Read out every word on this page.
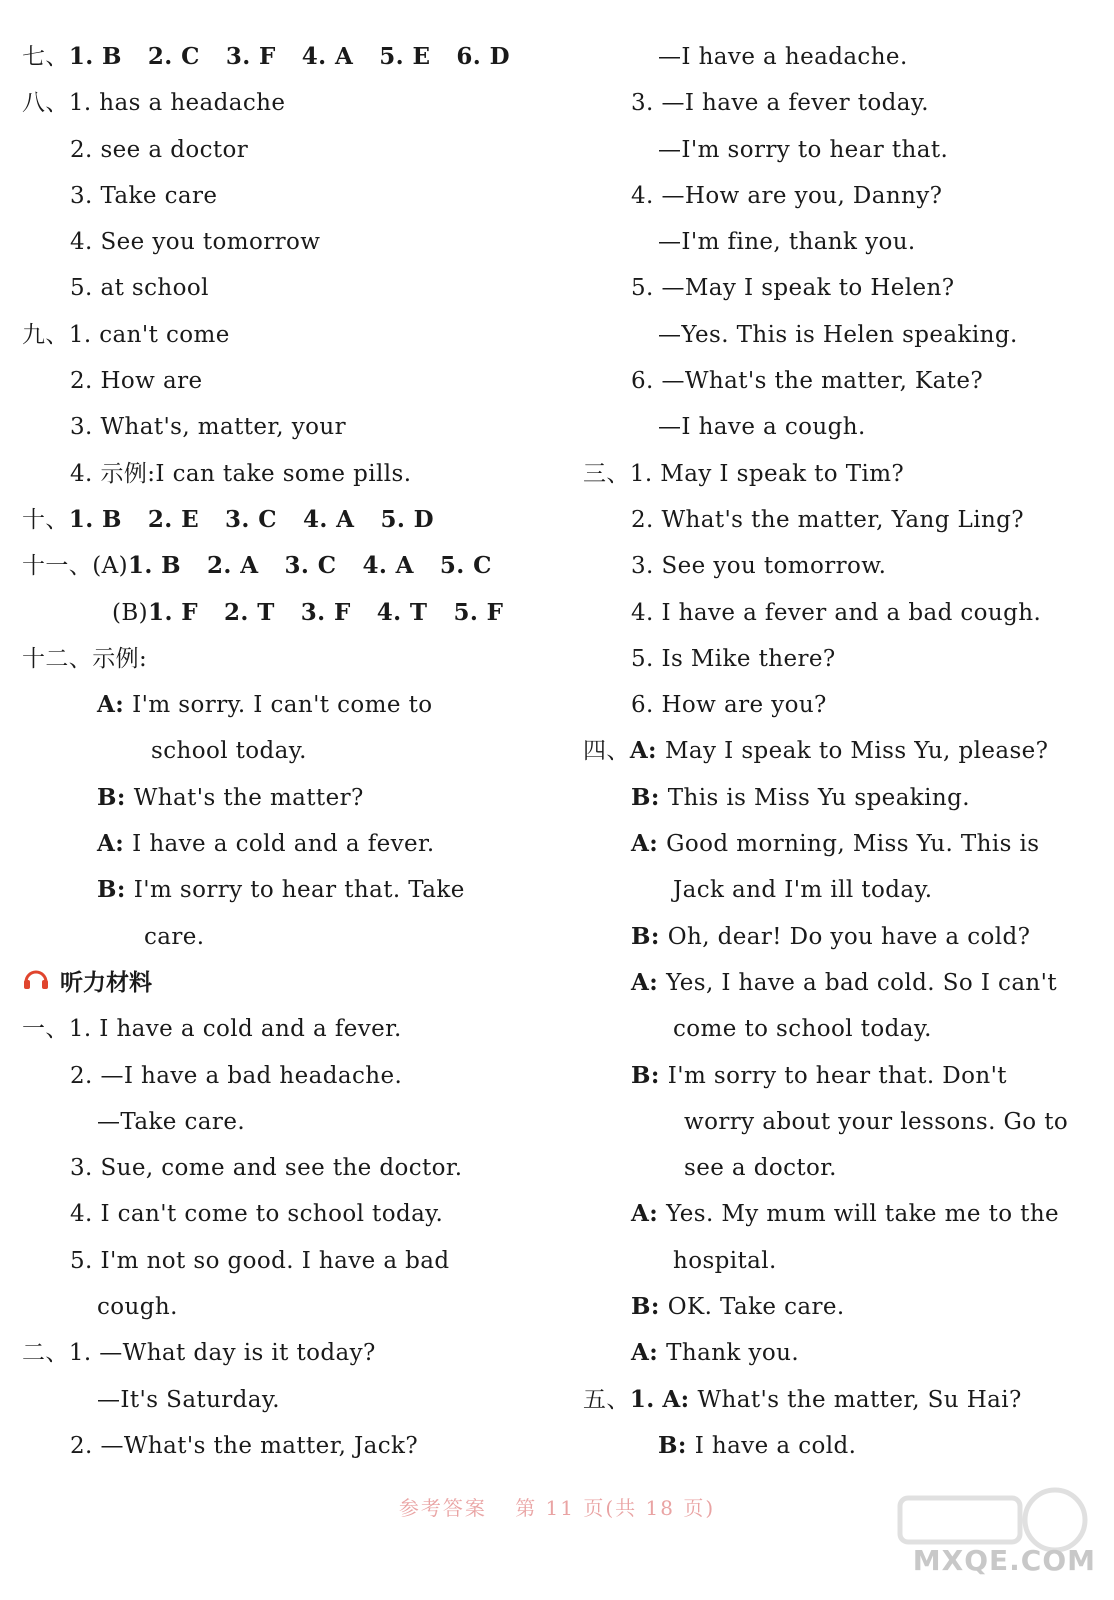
七、1. B 2. C 3. F 4. A 5. E 6. D
八、1. has a headache
2. see a doctor
3. Take care
4. See you tomorrow
5. at school
九、1. can't come
2. How are
3. What's, matter, your
4. 示例:I can take some pills.
十、1. B 2. E 3. C 4. A 5. D
十一、(A)1. B 2. A 3. C 4. A 5. C
(B)1. F 2. T 3. F 4. T 5. F
十二、示例:
A: I'm sorry. I can't come to
school today.
B: What's the matter?
A: I have a cold and a fever.
B: I'm sorry to hear that. Take
care.
听力材料
一、1. I have a cold and a fever.
2. —I have a bad headache.
—Take care.
3. Sue, come and see the doctor.
4. I can't come to school today.
5. I'm not so good. I have a bad
cough.
二、1. —What day is it today?
—It's Saturday.
2. —What's the matter, Jack?
—I have a headache.
3. —I have a fever today.
—I'm sorry to hear that.
4. —How are you, Danny?
—I'm fine, thank you.
5. —May I speak to Helen?
—Yes. This is Helen speaking.
6. —What's the matter, Kate?
—I have a cough.
三、1. May I speak to Tim?
2. What's the matter, Yang Ling?
3. See you tomorrow.
4. I have a fever and a bad cough.
5. Is Mike there?
6. How are you?
四、A: May I speak to Miss Yu, please?
B: This is Miss Yu speaking.
A: Good morning, Miss Yu. This is
Jack and I'm ill today.
B: Oh, dear! Do you have a cold?
A: Yes, I have a bad cold. So I can't
come to school today.
B: I'm sorry to hear that. Don't
worry about your lessons. Go to
see a doctor.
A: Yes. My mum will take me to the
hospital.
B: OK. Take care.
A: Thank you.
五、1. A: What's the matter, Su Hai?
B: I have a cold.
参考答案 第 11 页(共 18 页)
MXQE.COM
